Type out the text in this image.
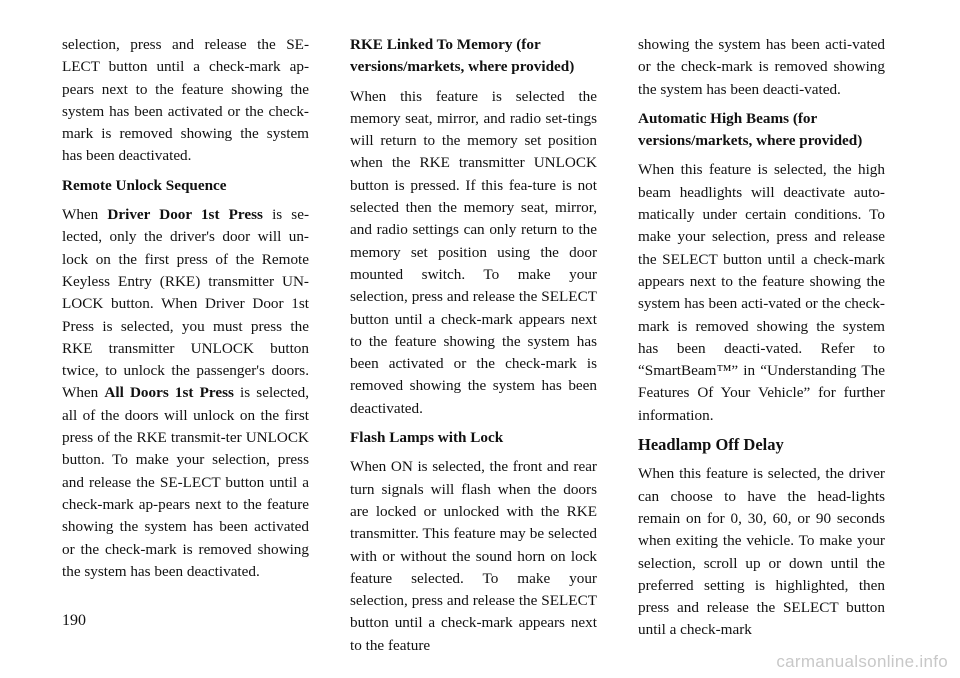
selection, press and release the SE-LECT button until a check-mark ap-pears next to the feature showing the system has been activated or the check-mark is removed showing the system has been deactivated.

Remote Unlock Sequence

When Driver Door 1st Press is se-lected, only the driver's door will un-lock on the first press of the Remote Keyless Entry (RKE) transmitter UN-LOCK button. When Driver Door 1st Press is selected, you must press the RKE transmitter UNLOCK button twice, to unlock the passenger's doors. When All Doors 1st Press is selected, all of the doors will unlock on the first press of the RKE transmit-ter UNLOCK button. To make your selection, press and release the SE-LECT button until a check-mark ap-pears next to the feature showing the system has been activated or the check-mark is removed showing the system has been deactivated.

RKE Linked To Memory (for versions/markets, where provided)

When this feature is selected the memory seat, mirror, and radio set-tings will return to the memory set position when the RKE transmitter UNLOCK button is pressed. If this fea-ture is not selected then the memory seat, mirror, and radio settings can only return to the memory set position using the door mounted switch. To make your selection, press and release the SELECT button until a check-mark appears next to the feature showing the system has been activated or the check-mark is removed showing the system has been deactivated.

Flash Lamps with Lock

When ON is selected, the front and rear turn signals will flash when the doors are locked or unlocked with the RKE transmitter. This feature may be selected with or without the sound horn on lock feature selected. To make your selection, press and release the SELECT button until a check-mark appears next to the feature

showing the system has been acti-vated or the check-mark is removed showing the system has been deacti-vated.

Automatic High Beams (for versions/markets, where provided)

When this feature is selected, the high beam headlights will deactivate auto-matically under certain conditions. To make your selection, press and release the SELECT button until a check-mark appears next to the feature showing the system has been acti-vated or the check-mark is removed showing the system has been deacti-vated. Refer to “SmartBeam™” in “Understanding The Features Of Your Vehicle” for further information.

Headlamp Off Delay

When this feature is selected, the driver can choose to have the head-lights remain on for 0, 30, 60, or 90 seconds when exiting the vehicle. To make your selection, scroll up or down until the preferred setting is highlighted, then press and release the SELECT button until a check-mark

190
carmanualsonline.info
